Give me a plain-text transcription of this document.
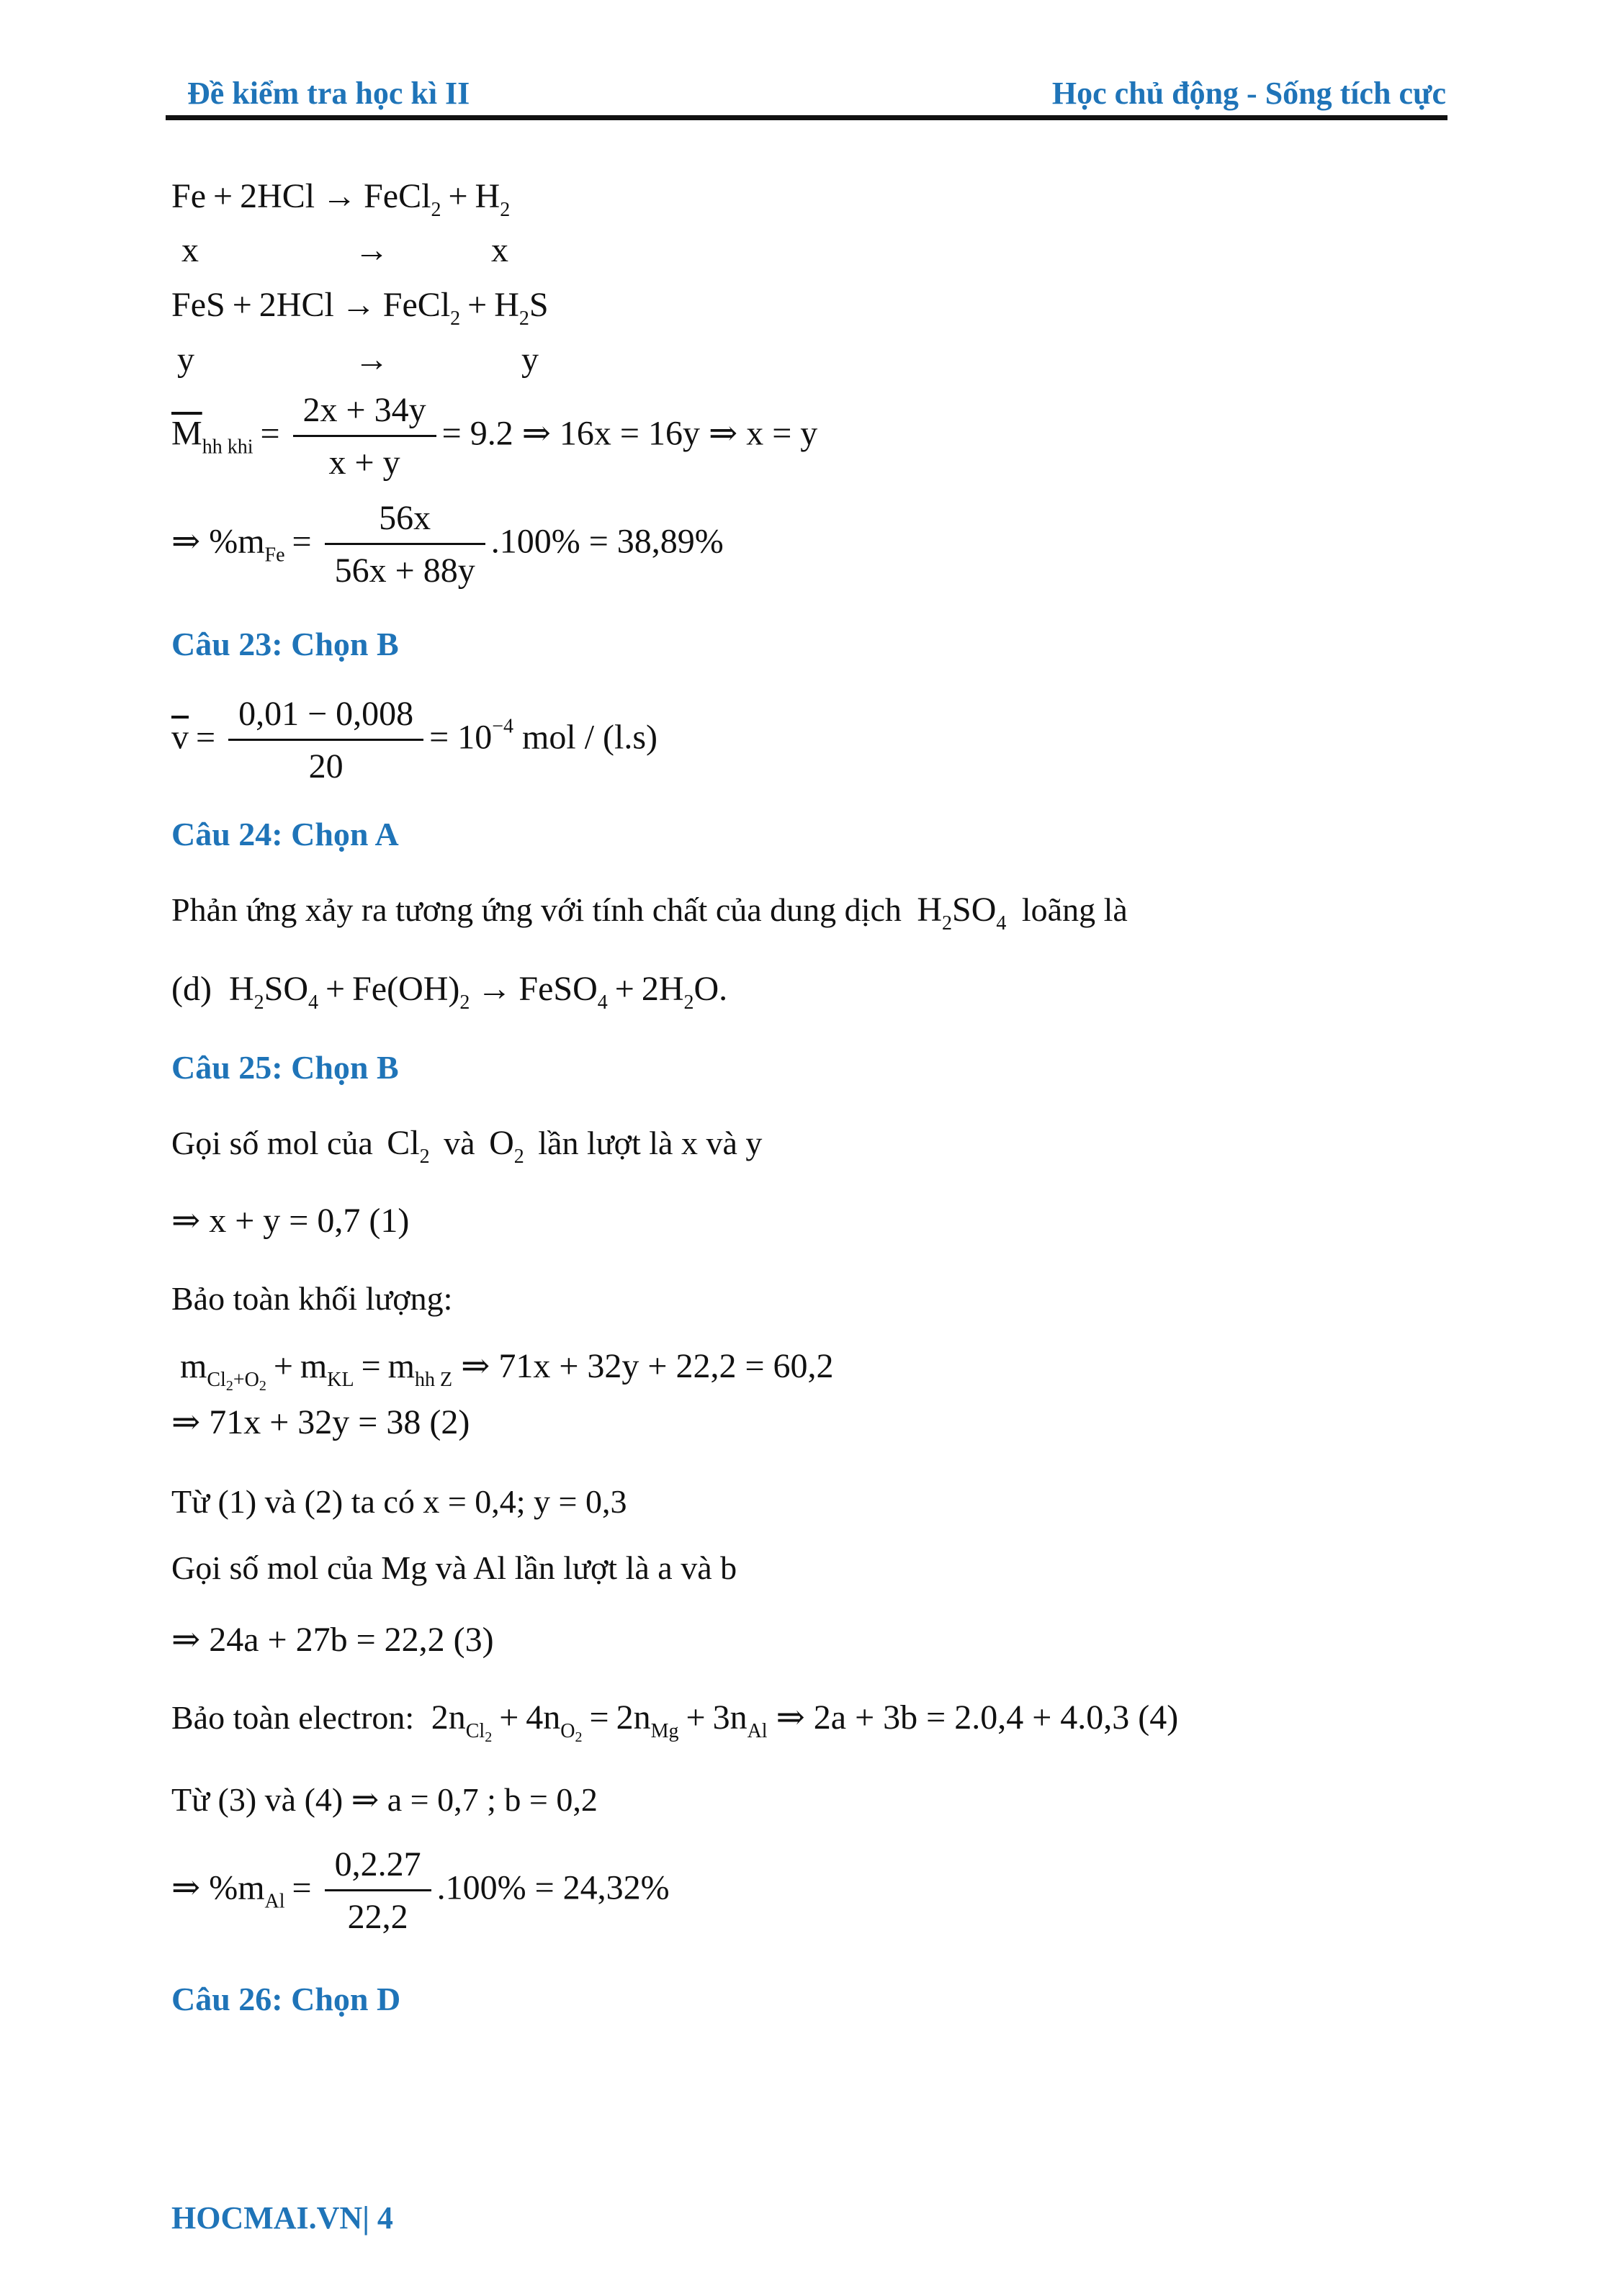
Đề kiểm tra học kì II	Học chủ động - Sống tích cực
Fe + 2HCl → FeCl$_2$ + $H_2$
x	→	x
FeS + 2HCl → FeCl$_2$ + $H_2S$
y	→	y
$\overline{M}_{hh khi} = \frac{2x + 34y}{x + y} = 9.2$ ⇒ 16x = 16y ⇒ x = y
⇒ $\%m_{Fe} = \frac{56x}{56x + 88y} .100\% = 38,89\%$
Câu 23: Chọn B
$\overline{v} = \frac{0,01 - 0,008}{20} = 10^{-4}$ mol / (l.s)
Câu 24: Chọn A
Phản ứng xảy ra tương ứng với tính chất của dung dịch $H_2SO_4$ loãng là
(d)  $H_2SO_4 + Fe(OH)_2$ → FeSO$_4$ + $2H_2O$.
Câu 25: Chọn B
Gọi số mol của $Cl_2$ và $O_2$ lần lượt là x và y
⇒ x + y = 0,7 (1)
Bảo toàn khối lượng:
$m_{Cl_2+O_2}+ m_{KL} = m_{hh Z}$ ⇒ 71x + 32y + 22,2 = 60,2
⇒ 71x + 32y = 38 (2)
Từ (1) và (2) ta có x = 0,4; y = 0,3
Gọi số mol của Mg và Al lần lượt là a và b
⇒ 24a + 27b = 22,2 (3)
Bảo toàn electron: $2n_{Cl_2}+ 4n_{O_2}= 2n_{Mg} + 3n_{Al}$ ⇒ 2a + 3b = 2.0,4 + 4.0,3 (4)
Từ (3) và (4) ⇒ a = 0,7 ; b = 0,2
⇒ $\%m_{Al} = \frac{0,2.27}{22,2} .100\% = 24,32\%$
Câu 26: Chọn D
HOCMAI.VN| 4
